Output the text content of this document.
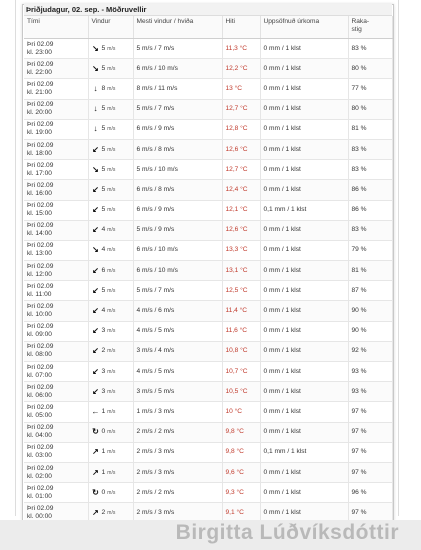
Þriðjudagur, 02. sep. - Möðruvellir
Tími	Vindur	Mesti vindur / hviða	Hiti	Uppsöfnuð úrkoma	Raka-
stig
Þri 02.09
kl. 23:00	↘ 5 m/s	5 m/s / 7 m/s	11,3 °C	0 mm / 1 klst	83 %
Þri 02.09
kl. 22:00	↘ 5 m/s	6 m/s / 10 m/s	12,2 °C	0 mm / 1 klst	80 %
Þri 02.09
kl. 21:00	↓ 8 m/s	8 m/s / 11 m/s	13 °C	0 mm / 1 klst	77 %
Þri 02.09
kl. 20:00	↓ 5 m/s	5 m/s / 7 m/s	12,7 °C	0 mm / 1 klst	80 %
Þri 02.09
kl. 19:00	↓ 5 m/s	6 m/s / 9 m/s	12,8 °C	0 mm / 1 klst	81 %
Þri 02.09
kl. 18:00	↙ 5 m/s	6 m/s / 8 m/s	12,6 °C	0 mm / 1 klst	83 %
Þri 02.09
kl. 17:00	↘ 5 m/s	5 m/s / 10 m/s	12,7 °C	0 mm / 1 klst	83 %
Þri 02.09
kl. 16:00	↙ 5 m/s	6 m/s / 8 m/s	12,4 °C	0 mm / 1 klst	86 %
Þri 02.09
kl. 15:00	↙ 5 m/s	6 m/s / 9 m/s	12,1 °C	0,1 mm / 1 klst	86 %
Þri 02.09
kl. 14:00	↙ 4 m/s	5 m/s / 9 m/s	12,6 °C	0 mm / 1 klst	83 %
Þri 02.09
kl. 13:00	↘ 4 m/s	6 m/s / 10 m/s	13,3 °C	0 mm / 1 klst	79 %
Þri 02.09
kl. 12:00	↙ 6 m/s	6 m/s / 10 m/s	13,1 °C	0 mm / 1 klst	81 %
Þri 02.09
kl. 11:00	↙ 5 m/s	5 m/s / 7 m/s	12,5 °C	0 mm / 1 klst	87 %
Þri 02.09
kl. 10:00	↙ 4 m/s	4 m/s / 6 m/s	11,4 °C	0 mm / 1 klst	90 %
Þri 02.09
kl. 09:00	↙ 3 m/s	4 m/s / 5 m/s	11,6 °C	0 mm / 1 klst	90 %
Þri 02.09
kl. 08:00	↙ 2 m/s	3 m/s / 4 m/s	10,8 °C	0 mm / 1 klst	92 %
Þri 02.09
kl. 07:00	↙ 3 m/s	4 m/s / 5 m/s	10,7 °C	0 mm / 1 klst	93 %
Þri 02.09
kl. 06:00	↙ 3 m/s	3 m/s / 5 m/s	10,5 °C	0 mm / 1 klst	93 %
Þri 02.09
kl. 05:00	← 1 m/s	1 m/s / 3 m/s	10 °C	0 mm / 1 klst	97 %
Þri 02.09
kl. 04:00	↻ 0 m/s	2 m/s / 2 m/s	9,8 °C	0 mm / 1 klst	97 %
Þri 02.09
kl. 03:00	↗ 1 m/s	2 m/s / 3 m/s	9,8 °C	0,1 mm / 1 klst	97 %
Þri 02.09
kl. 02:00	↗ 1 m/s	2 m/s / 3 m/s	9,6 °C	0 mm / 1 klst	97 %
Þri 02.09
kl. 01:00	↻ 0 m/s	2 m/s / 2 m/s	9,3 °C	0 mm / 1 klst	96 %
Þri 02.09
kl. 00:00	↗ 2 m/s	2 m/s / 3 m/s	9,1 °C	0 mm / 1 klst	97 %
Birgitta Lúðvíksdóttir
